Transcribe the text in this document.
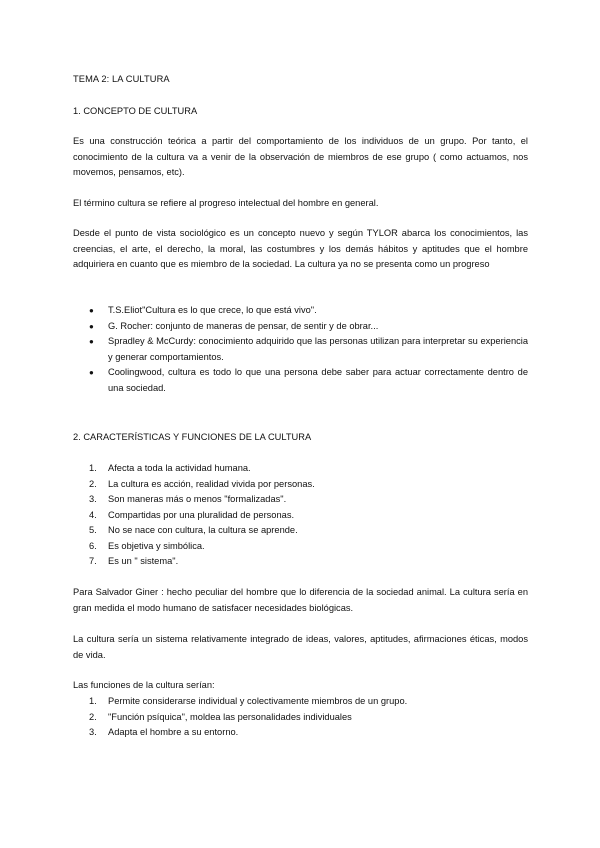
TEMA 2: LA CULTURA

1. CONCEPTO DE CULTURA

Es una construcción teórica a partir del comportamiento de los individuos de un grupo. Por tanto, el conocimiento de la cultura va a venir de la observación de miembros de ese grupo ( como actuamos, nos movemos, pensamos, etc).

El término cultura se refiere al progreso intelectual del hombre en general.

Desde el punto de vista sociológico es un concepto nuevo y según TYLOR abarca los conocimientos, las creencias, el arte, el derecho, la moral, las costumbres y los demás hábitos y aptitudes que el hombre adquiriera en cuanto que es miembro de la sociedad. La cultura ya no se presenta como un progreso

● T.S.Eliot"Cultura es lo que crece, lo que está vivo".
● G. Rocher: conjunto de maneras de pensar, de sentir y de obrar...
● Spradley & McCurdy: conocimiento adquirido que las personas utilizan para interpretar su experiencia y generar comportamientos.
● Coolingwood, cultura es todo lo que una persona debe saber para actuar correctamente dentro de una sociedad.

2. CARACTERÍSTICAS Y FUNCIONES DE LA CULTURA

1. Afecta a toda la actividad humana.
2. La cultura es acción, realidad vivida por personas.
3. Son maneras más o menos "formalizadas".
4. Compartidas por una pluralidad de personas.
5. No se nace con cultura, la cultura se aprende.
6. Es objetiva y simbólica.
7. Es un " sistema".

Para Salvador Giner : hecho peculiar del hombre que lo diferencia de la sociedad animal. La cultura sería en gran medida el modo humano de satisfacer necesidades biológicas.

La cultura sería un sistema relativamente integrado de ideas, valores, aptitudes, afirmaciones éticas, modos de vida.

Las funciones de la cultura serían:

1. Permite considerarse individual y colectivamente miembros de un grupo.
2. "Función psíquica", moldea las personalidades individuales
3. Adapta el hombre a su entorno.
